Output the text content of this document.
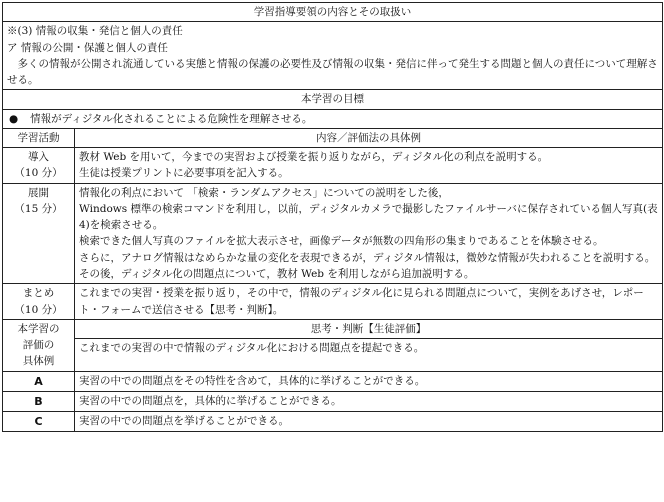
学習指導要領の内容とその取扱い	

※(3) 情報の収集・発信と個人の責任
ア 情報の公開・保護と個人の責任
多くの情報が公開され流通している実態と情報の保護の必要性及び情報の収集・発信に伴って発生する問題と個人の責任について理解させる。	

本学習の目標	
● 情報がディジタル化されることによる危険性を理解させる。
学習活動	内容／評価法の具体例

導入
（10 分）	教材 Web を用いて，今までの実習および授業を振り返りながら，ディジタル化の利点を説明する。
生徒は授業プリントに必要事項を記入する。

展開
（15 分）	情報化の利点において 「検索・ランダムアクセス」についての説明をした後，
Windows 標準の検索コマンドを利用し，以前，ディジタルカメラで撮影したファイルサーバに保存されている個人写真(表 4)を検索させる。
検索できた個人写真のファイルを拡大表示させ，画像データが無数の四角形の集まりであることを体験させる。
さらに，アナログ情報はなめらかな量の変化を表現できるが，ディジタル情報は，微妙な情報が失われることを説明する。
その後，ディジタル化の問題点について，教材 Web を利用しながら追加説明する。

まとめ
（10 分）	これまでの実習・授業を振り返り，その中で，情報のディジタル化に見られる問題点について，実例をあげさせ，レポート・フォームで送信させる【思考・判断】。

本学習の
評価の
具体例	思考・判断【生徒評価】
	これまでの実習の中で情報のディジタル化における問題点を提起できる。
A	実習の中での問題点をその特性を含めて，具体的に挙げることができる。
B	実習の中での問題点を，具体的に挙げることができる。
C	実習の中での問題点を挙げることができる。
